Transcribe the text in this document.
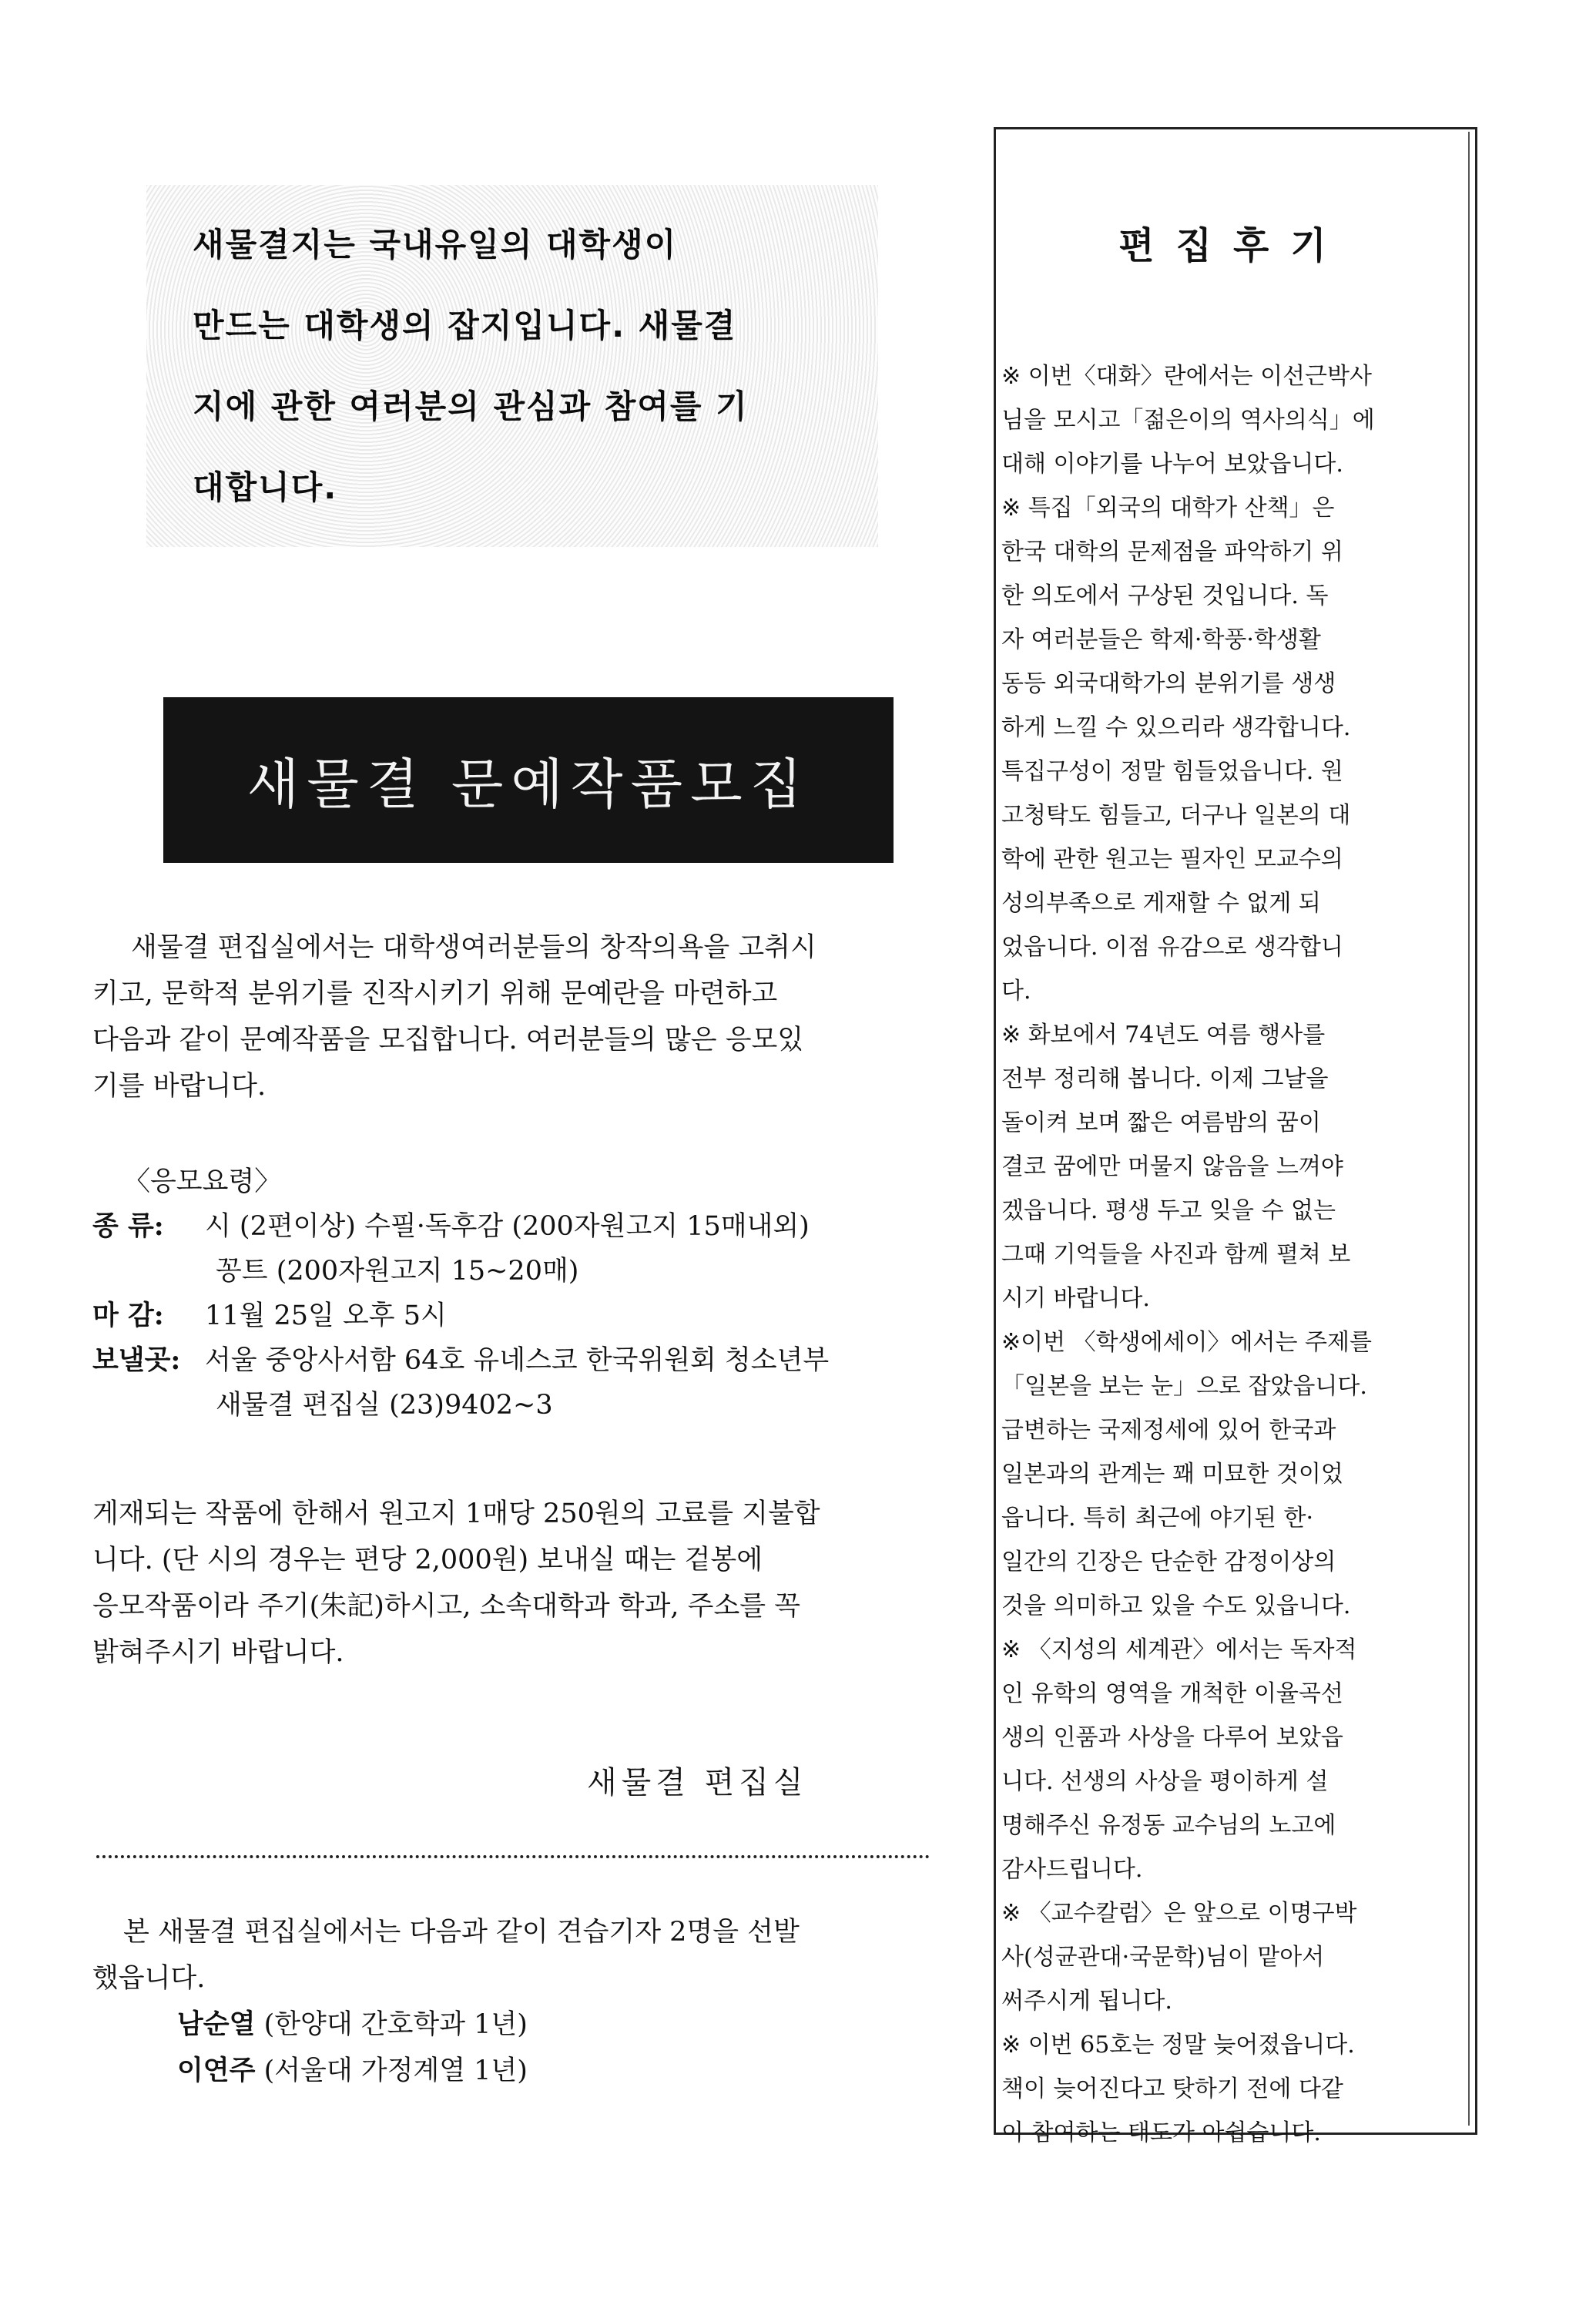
새물결지는 국내유일의 대학생이
만드는 대학생의 잡지입니다. 새물결
지에 관한 여러분의 관심과 참여를 기
대합니다.
새물결 문예작품모집
새물결 편집실에서는 대학생여러분들의 창작의욕을 고취시
키고, 문학적 분위기를 진작시키기 위해 문예란을 마련하고
다음과 같이 문예작품을 모집합니다. 여러분들의 많은 응모있
기를 바랍니다.
〈응모요령〉
종 류: 시 (2편이상) 수필·독후감 (200자원고지 15매내외)
꽁트 (200자원고지 15~20매)
마 감: 11월 25일 오후 5시
보낼곳: 서울 중앙사서함 64호 유네스코 한국위원회 청소년부
새물결 편집실 (23)9402~3
게재되는 작품에 한해서 원고지 1매당 250원의 고료를 지불합
니다. (단 시의 경우는 편당 2,000원) 보내실 때는 겉봉에
응모작품이라 주기(朱記)하시고, 소속대학과 학과, 주소를 꼭
밝혀주시기 바랍니다.
새물결 편집실
본 새물결 편집실에서는 다음과 같이 견습기자 2명을 선발
했읍니다.
남순열 (한양대 간호학과 1년)
이연주 (서울대 가정계열 1년)
편집후기
※ 이번〈대화〉란에서는 이선근박사
님을 모시고「젊은이의 역사의식」에
대해 이야기를 나누어 보았읍니다.
※ 특집「외국의 대학가 산책」은
한국 대학의 문제점을 파악하기 위
한 의도에서 구상된 것입니다. 독
자 여러분들은 학제·학풍·학생활
동등 외국대학가의 분위기를 생생
하게 느낄 수 있으리라 생각합니다.
특집구성이 정말 힘들었읍니다. 원
고청탁도 힘들고, 더구나 일본의 대
학에 관한 원고는 필자인 모교수의
성의부족으로 게재할 수 없게 되
었읍니다. 이점 유감으로 생각합니
다.
※ 화보에서 74년도 여름 행사를
전부 정리해 봅니다. 이제 그날을
돌이켜 보며 짧은 여름밤의 꿈이
결코 꿈에만 머물지 않음을 느껴야
겠읍니다. 평생 두고 잊을 수 없는
그때 기억들을 사진과 함께 펼쳐 보
시기 바랍니다.
※이번 〈학생에세이〉에서는 주제를
「일본을 보는 눈」으로 잡았읍니다.
급변하는 국제정세에 있어 한국과
일본과의 관계는 꽤 미묘한 것이었
읍니다. 특히 최근에 야기된 한·
일간의 긴장은 단순한 감정이상의
것을 의미하고 있을 수도 있읍니다.
※ 〈지성의 세계관〉에서는 독자적
인 유학의 영역을 개척한 이율곡선
생의 인품과 사상을 다루어 보았읍
니다. 선생의 사상을 평이하게 설
명해주신 유정동 교수님의 노고에
감사드립니다.
※ 〈교수칼럼〉은 앞으로 이명구박
사(성균관대·국문학)님이 맡아서
써주시게 됩니다.
※ 이번 65호는 정말 늦어졌읍니다.
책이 늦어진다고 탓하기 전에 다같
이 참여하는 태도가 아쉽습니다.
